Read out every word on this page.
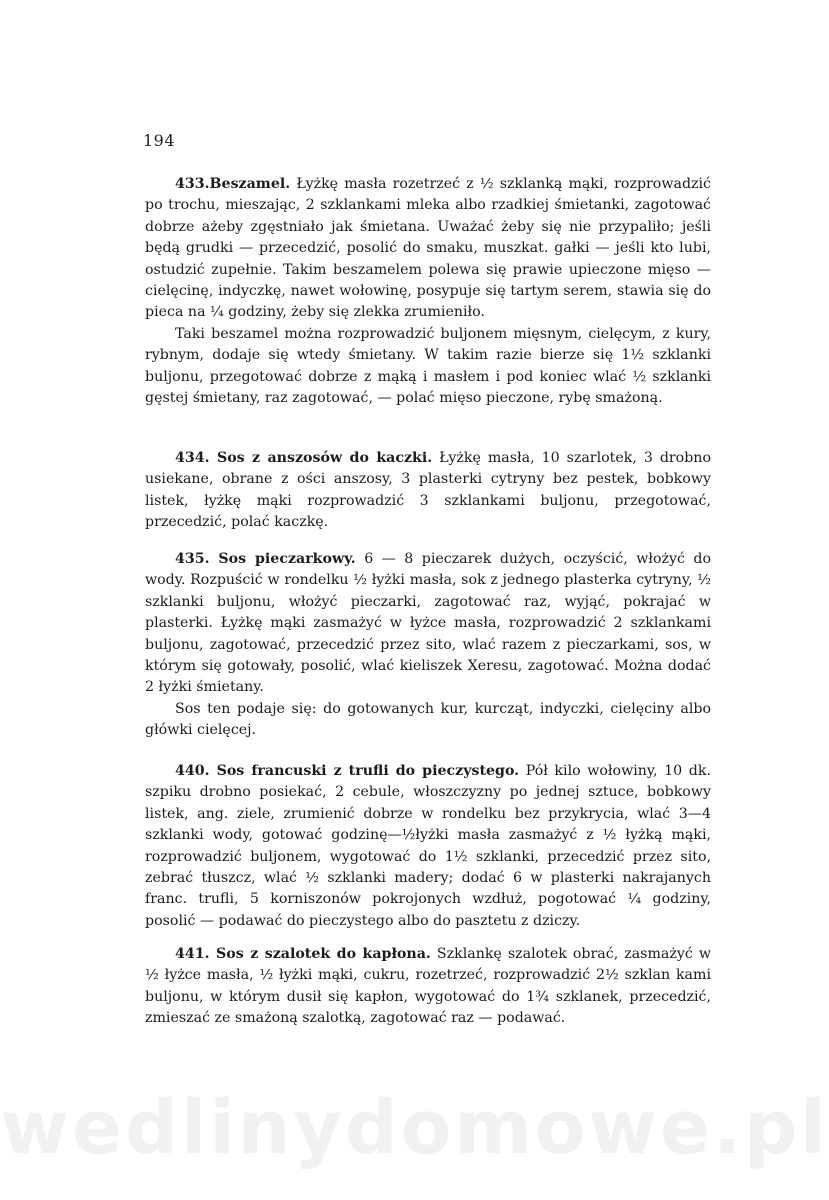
194

433.Beszamel. Łyżkę masła rozetrzeć z ½ szklanką mąki, rozprowadzić po trochu, mieszając, 2 szklankami mleka albo rzadkiej śmietanki, zagotować dobrze ażeby zgęstniało jak śmietana. Uważać żeby się nie przypaliło; jeśli będą grudki — przecedzić, posolić do smaku, muszkat. gałki — jeśli kto lubi, ostudzić zupełnie. Takim beszamelem polewa się prawie upieczone mięso — cielęcinę, indyczkę, nawet wołowinę, posypuje się tartym serem, stawia się do pieca na ¼ godziny, żeby się zlekka zrumieniło.

Taki beszamel można rozprowadzić buljonem mięsnym, cielęcym, z kury, rybnym, dodaje się wtedy śmietany. W takim razie bierze się 1½ szklanki buljonu, przegotować dobrze z mąką i masłem i pod koniec wlać ½ szklanki gęstej śmietany, raz zagotować, — polać mięso pieczone, rybę smażoną.

434. Sos z anszosów do kaczki. Łyżkę masła, 10 szarlotek, 3 drobno usiekane, obrane z ości anszosy, 3 plasterki cytryny bez pestek, bobkowy listek, łyżkę mąki rozprowadzić 3 szklankami buljonu, przegotować, przecedzić, polać kaczkę.

435. Sos pieczarkowy. 6 — 8 pieczarek dużych, oczyścić, włożyć do wody. Rozpuścić w rondelku ½ łyżki masła, sok z jednego plasterka cytryny, ½ szklanki buljonu, włożyć pieczarki, zagotować raz, wyjąć, pokrajać w plasterki. Łyżkę mąki zasmażyć w łyżce masła, rozprowadzić 2 szklankami buljonu, zagotować, przecedzić przez sito, wlać razem z pieczarkami, sos, w którym się gotowały, posolić, wlać kieliszek Xeresu, zagotować. Można dodać 2 łyżki śmietany.

Sos ten podaje się: do gotowanych kur, kurcząt, indyczki, cielęciny albo główki cielęcej.

440. Sos francuski z trufli do pieczystego. Pół kilo wołowiny, 10 dk. szpiku drobno posiekać, 2 cebule, włoszczyzny po jednej sztuce, bobkowy listek, ang. ziele, zrumienić dobrze w rondelku bez przykrycia, wlać 3—4 szklanki wody, gotować godzinę—½łyżki masła zasmażyć z ½ łyżką mąki, rozprowadzić buljonem, wygotować do 1½ szklanki, przecedzić przez sito, zebrać tłuszcz, wlać ½ szklanki madery; dodać 6 w plasterki nakrajanych franc. trufli, 5 korniszonów pokrojonych wzdłuż, pogotować ¼ godziny, posolić — podawać do pieczystego albo do pasztetu z dziczy.

441. Sos z szalotek do kapłona. Szklankę szalotek obrać, zasmażyć w ½ łyżce masła, ½ łyżki mąki, cukru, rozetrzeć, rozprowadzić 2½ szklan kami buljonu, w którym dusił się kapłon, wygotować do 1¾ szklanek, przecedzić, zmieszać ze smażoną szalotką, zagotować raz — podawać.

wedlinydomowe.pl
